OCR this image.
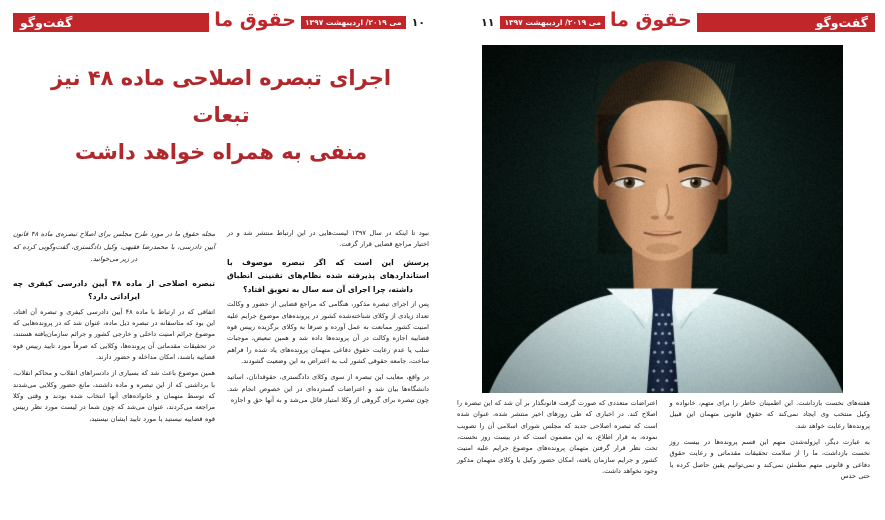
گفت‌وگو
حقوق ما
می ۲۰۱۹/ اردیبهشت ۱۳۹۷
۱۱

هفته‌های نخست بازداشت. این اطمینان خاطر را برای متهم، خانواده و وکیل منتخب وی ایجاد نمی‌کند که حقوق قانونی متهمان این قبیل پرونده‌ها رعایت خواهد شد.

به عبارت دیگر، ایزوله‌شدن متهم این قسم پرونده‌ها در بیست روز نخست بازداشت، ما را از سلامت تحقیقات مقدماتی و رعایت حقوق دفاعی و قانونی متهم مطمئن نمی‌کند و نمی‌توانیم یقین حاصل کرده یا حتی حدس

اعتراضات متعددی که صورت گرفت قانونگذار بر آن شد که این تبصره را اصلاح کند. در اخباری که طی روزهای اخیر منتشر شده، عنوان شده است که تبصره اصلاحی جدید که مجلس شورای اسلامی آن را تصویب نموده، به قرار اطلاع، به این مضمون است که در بیست روز نخست، تحت نظر قرار گرفتن متهمان پرونده‌های موضوع جرایم علیه امنیت کشور و جرایم سازمان یافته، امکان حضور وکیل یا وکلای متهمان مذکور وجود نخواهد داشت.

۱۰
می ۲۰۱۹/ اردیبهشت ۱۳۹۷
حقوق ما
گفت‌وگو
اجرای تبصره اصلاحی ماده ۴۸ نیز تبعات
منفی به همراه خواهد داشت

نبود تا اینکه در سال ۱۳۹۷ لیست‌هایی در این ارتباط منتشر شد و در اختیار مراجع قضایی قرار گرفت.

پرسش این است که اگر تبصره موصوف با استانداردهای پذیرفته شده نظام‌های تقنینی انطباق داشته، چرا اجرای آن سه سال به تعویق افتاد؟

پس از اجرای تبصره مذکور، هنگامی که مراجع قضایی از حضور و وکالت تعداد زیادی از وکلای شناخته‌شده کشور در پرونده‌های موضوع جرایم علیه امنیت کشور ممانعت به عمل آورده و صرفا به وکلای برگزیده رییس قوه قضاییه اجازه وکالت در آن پرونده‌ها داده شد و همین تبعیض، موجبات سلب یا عدم رعایت حقوق دفاعی متهمان پرونده‌های یاد شده را فراهم ساخت، جامعه حقوقی کشور لب به اعتراض به این وضعیت گشودند.

در واقع، معایب این تبصره از سوی وکلای دادگستری، حقوقدانان، اساتید دانشگاه‌ها بیان شد و اعتراضات گسترده‌ای در این خصوص انجام شد. چون تبصره برای گروهی از وکلا امتیاز قائل می‌شد و به آنها حق و اجازه

مجله حقوق ما در مورد طرح مجلس برای اصلاح تبصره‌ی ماده ۴۸ قانون آیین دادرسی، با محمدرضا فقیهی، وکیل دادگستری، گفت‌وگویی کرده که در زیر می‌خوانید.

تبصره اصلاحی از ماده ۴۸ آیین دادرسی کیفری چه ایراداتی دارد؟

اتفاقی که در ارتباط با ماده ۴۸ آیین دادرسی کیفری و تبصره آن افتاد، این بود که متاسفانه در تبصره ذیل ماده، عنوان شد که در پرونده‌هایی که موضوع جرائم امنیت داخلی و خارجی کشور و جرائم سازمان‌یافته هستند، در تحقیقات مقدماتی آن پرونده‌ها، وکلایی که صرفاً مورد تایید رییس قوه قضاییه باشند، امکان مداخله و حضور دارند.

همین موضوع باعث شد که بسیاری از دادسراهای انقلاب و محاکم انقلاب، با برداشتی که از این تبصره و ماده داشتند، مانع حضور وکلایی می‌شدند که توسط متهمان و خانواده‌های آنها انتخاب شده بودند و وقتی وکلا مراجعه می‌کردند، عنوان می‌شد که چون شما در لیست مورد نظر رییس قوه قضاییه نیستید یا مورد تایید ایشان نیستید،
